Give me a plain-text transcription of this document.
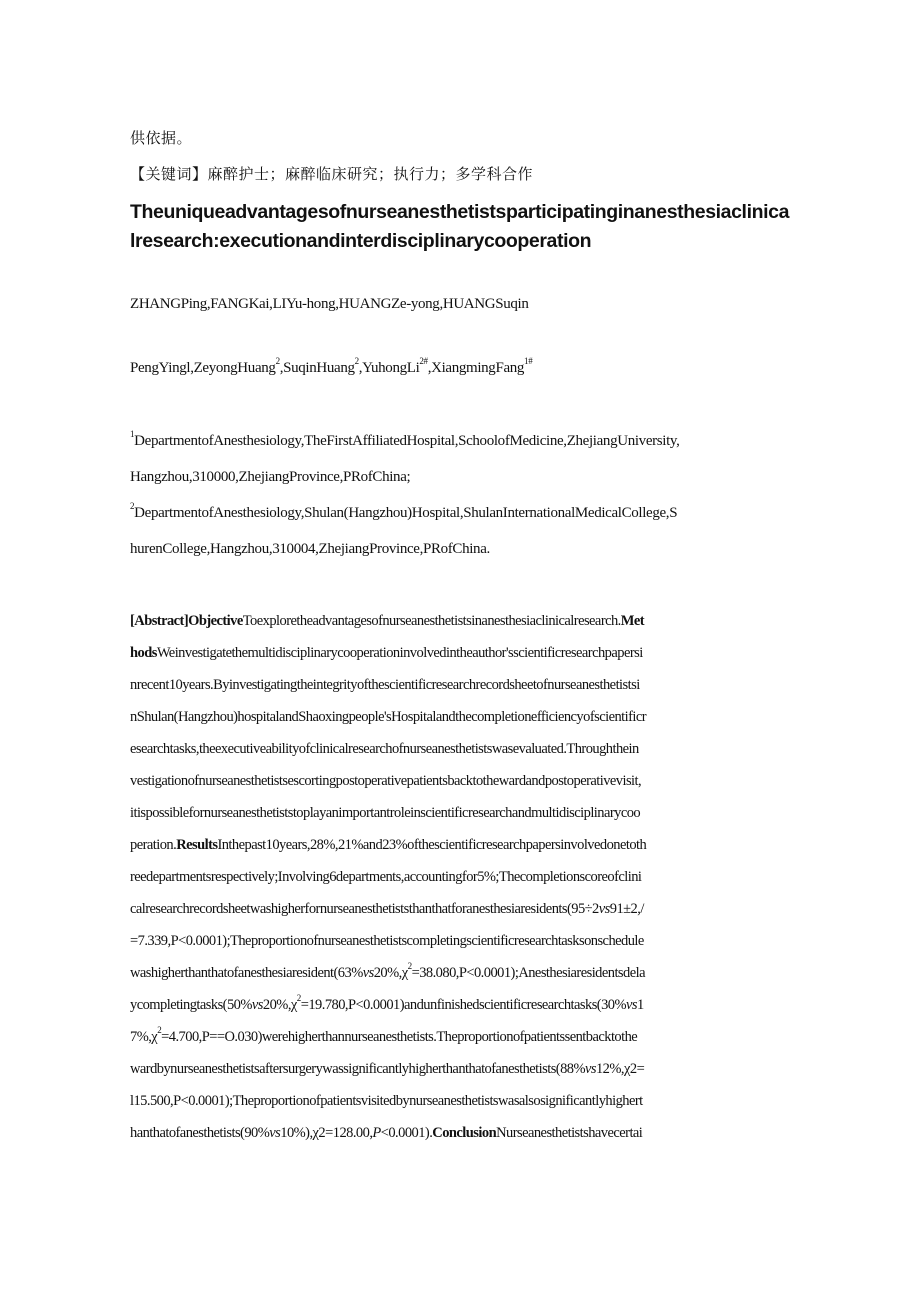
供依据。
【关键词】麻醉护士；麻醉临床研究；执行力；多学科合作
Theuniqueadvantagesofnurseanesthetistsparticipatinginanesthesiaclinica
lresearch:executionandinterdisciplinarycooperation
ZHANGPing,FANGKai,LIYu-hong,HUANGZe-yong,HUANGSuqin
PengYingl,ZeyongHuang$^2$,SuqinHuang$^2$,YuhongLi$^{2\#}$,XiangmingFang$^{1\#}$
$^1$DepartmentofAnesthesiology,TheFirstAffiliatedHospital,SchoolofMedicine,ZhejiangUniversity,
Hangzhou,310000,ZhejiangProvince,PRofChina;
$^2$DepartmentofAnesthesiology,Shulan(Hangzhou)Hospital,ShulanInternationalMedicalCollege,S
hurenCollege,Hangzhou,310004,ZhejiangProvince,PRofChina.
[Abstract]ObjectiveToexploretheadvantagesofnurseanesthetistsinanesthesiaclinicalresearch.Met
hodsWeinvestigatethemultidisciplinarycooperationinvolvedintheauthor'sscientificresearchpapersi
nrecent10years.Byinvestigatingtheintegrityofthescientificresearchrecordsheetofnurseanesthetistsi
nShulan(Hangzhou)hospitalandShaoxingpeople'sHospitalandthecompletionefficiencyofscientificr
esearchtasks,theexecutiveabilityofclinicalresearchofnurseanesthetistswasevaluated.Throughthein
vestigationofnurseanesthetistsescortingpostoperativepatientsbacktothewardandpostoperativevisit,
itispossiblefornurseanesthetiststoplayanimportantroleinscientificresearchandmultidisciplinarycoo
peration.ResultsInthepast10years,28%,21%and23%ofthescientificresearchpapersinvolvedonetoth
reedepartmentsrespectively;Involving6departments,accountingfor5%;Thecompletionscoreofclini
calresearchrecordsheetwashigherfornurseanesthetiststhanthatforanesthesiaresidents(95÷2vs91±2,/
=7.339,P<0.0001);Theproportionofnurseanesthetistscompletingscientificresearchtasksonschedule
$washigherthanthatofanesthesiaresident(63\%vs20\%,\chi^2=38.080,P<0.0001);Anesthesiaresidentsdela$
$ycompletingtasks(50\%vs20\%,\chi^2=19.780,P<0.0001)andunfinishedscientificresearchtasks(30\%vs1$
$7\%,\chi^2=4.700,P==O.030)werehigherthannurseanesthetists.Theproportionofpatientssentbacktothe$
wardbynurseanesthetistsaftersurgerywassignificantlyhigherthanthatofanesthetists(88%vs12%,χ2=
l15.500,P<0.0001);Theproportionofpatientsvisitedbynurseanesthetistswasalsosignificantlyhighert
hanthatofanesthetists(90%vs10%),χ2=128.00,P<0.0001).ConclusionNurseanesthetistshavecertai
